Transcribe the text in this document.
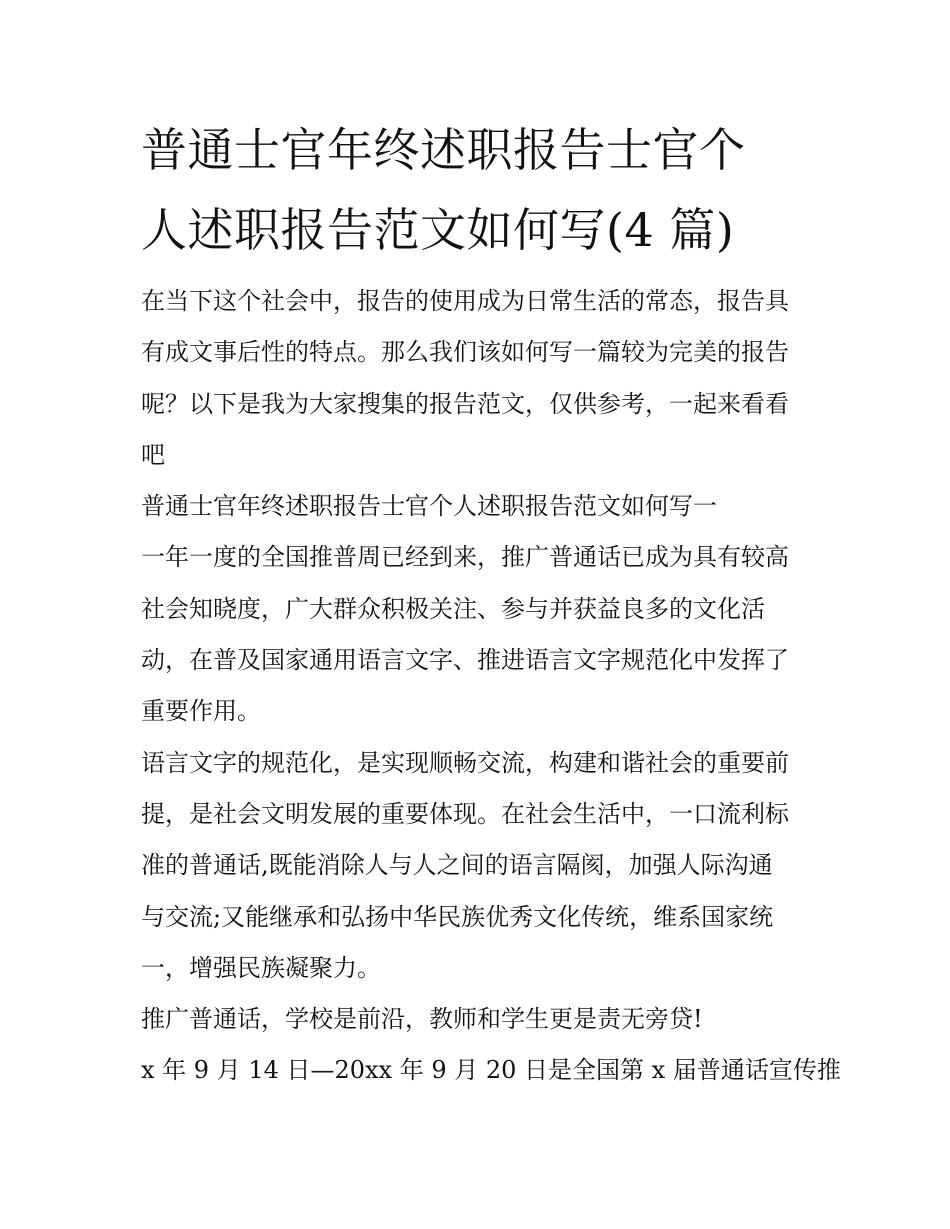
普通士官年终述职报告士官个
人述职报告范文如何写(4 篇)

在当下这个社会中，报告的使用成为日常生活的常态，报告具
有成文事后性的特点。那么我们该如何写一篇较为完美的报告
呢？以下是我为大家搜集的报告范文，仅供参考，一起来看看
吧

普通士官年终述职报告士官个人述职报告范文如何写一

一年一度的全国推普周已经到来，推广普通话已成为具有较高
社会知晓度，广大群众积极关注、参与并获益良多的文化活
动，在普及国家通用语言文字、推进语言文字规范化中发挥了
重要作用。

语言文字的规范化，是实现顺畅交流，构建和谐社会的重要前
提，是社会文明发展的重要体现。在社会生活中，一口流利标
准的普通话,既能消除人与人之间的语言隔阂，加强人际沟通
与交流;又能继承和弘扬中华民族优秀文化传统，维系国家统
一，增强民族凝聚力。

推广普通话，学校是前沿，教师和学生更是责无旁贷!

x 年 9 月 14 日—20xx 年 9 月 20 日是全国第 x 届普通话宣传推
